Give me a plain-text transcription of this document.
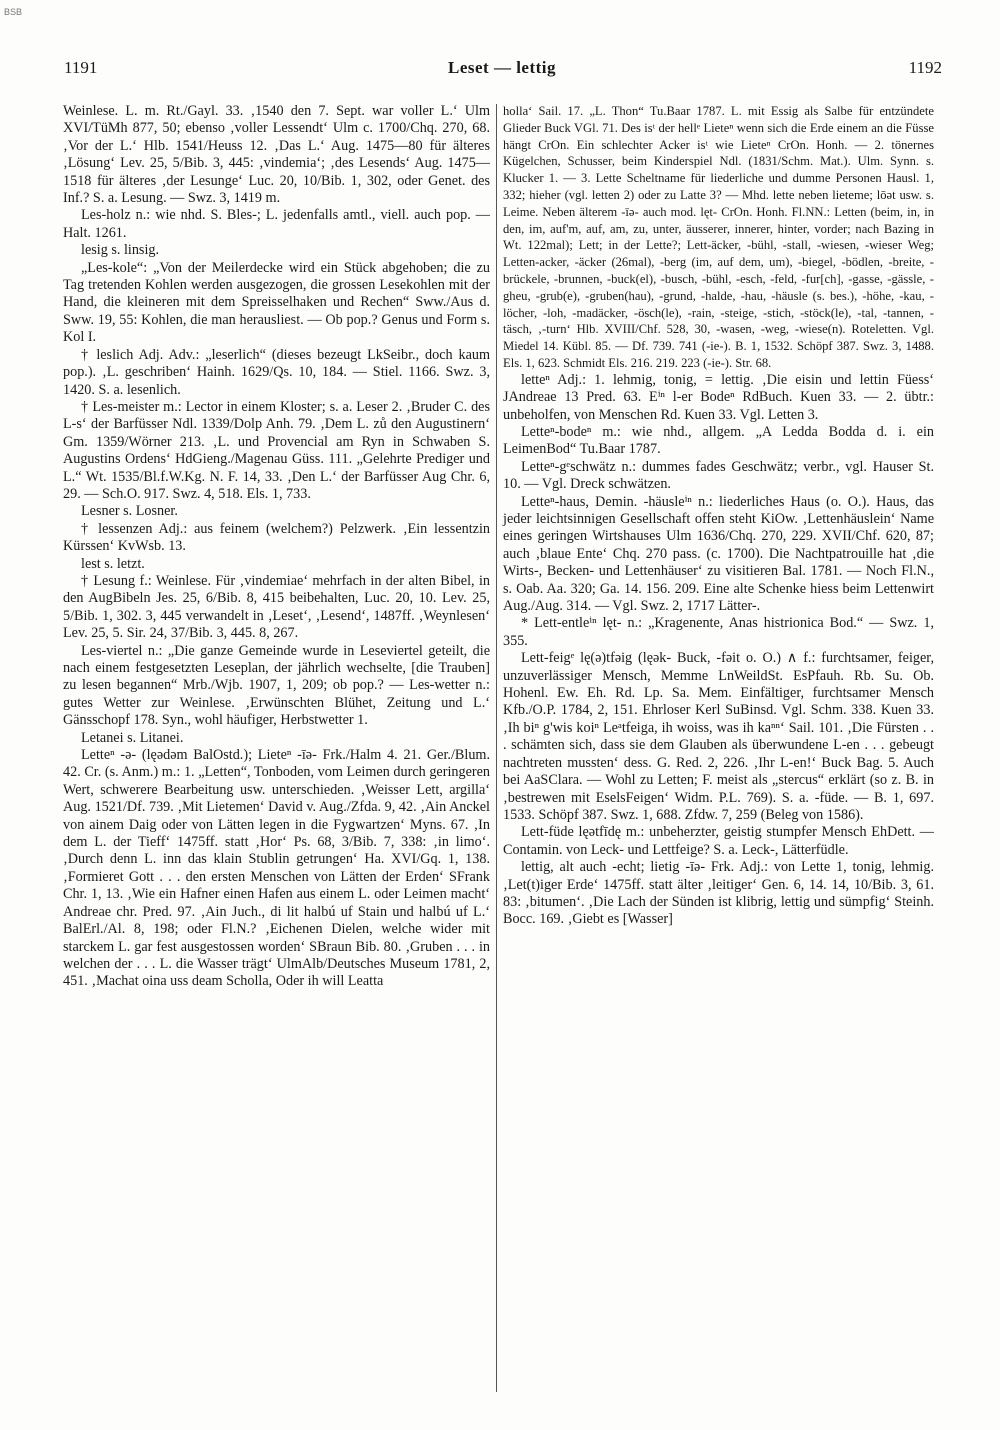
BSB
1191	Leset — lettig	1192

Weinlese. L. m. Rt./Gayl. 33. ‚1540 den 7. Sept. war voller L.‘ Ulm XVI/TüMh 877, 50; ebenso ‚voller Lessendt‘ Ulm c. 1700/Chq. 270, 68. ‚Vor der L.‘ Hlb. 1541/Heuss 12. ‚Das L.‘ Aug. 1475—80 für älteres ‚Lösung‘ Lev. 25, 5/Bib. 3, 445: ‚vindemia‘; ‚des Lesends‘ Aug. 1475—1518 für älteres ‚der Lesunge‘ Luc. 20, 10/Bib. 1, 302, oder Genet. des Inf.? S. a. Lesung. — Swz. 3, 1419 m.

Les-holz n.: wie nhd. S. Bles-; L. jedenfalls amtl., viell. auch pop. — Halt. 1261.

lesig s. linsig.

„Les-kole“: „Von der Meilerdecke wird ein Stück abgehoben; die zu Tag tretenden Kohlen werden ausgezogen, die grossen Lesekohlen mit der Hand, die kleineren mit dem Spreisselhaken und Rechen“ Sww./Aus d. Sww. 19, 55: Kohlen, die man herausliest. — Ob pop.? Genus und Form s. Kol I.

† leslich Adj. Adv.: „leserlich“ (dieses bezeugt LkSeibr., doch kaum pop.). ‚L. geschriben‘ Hainh. 1629/Qs. 10, 184. — Stiel. 1166. Swz. 3, 1420. S. a. lesenlich.

† Les-meister m.: Lector in einem Kloster; s. a. Leser 2. ‚Bruder C. des L-s‘ der Barfüsser Ndl. 1339/Dolp Anh. 79. ‚Dem L. zů den Augustinern‘ Gm. 1359/Wörner 213. ‚L. und Provencial am Ryn in Schwaben S. Augustins Ordens‘ HdGieng./Magenau Güss. 111. „Gelehrte Prediger und L.“ Wt. 1535/Bl.f.W.Kg. N. F. 14, 33. ‚Den L.‘ der Barfüsser Aug Chr. 6, 29. — Sch.O. 917. Swz. 4, 518. Els. 1, 733.

Lesner s. Losner.

† lessenzen Adj.: aus feinem (welchem?) Pelzwerk. ‚Ein lessentzin Kürssen‘ KvWsb. 13.

lest s. letzt.

† Lesung f.: Weinlese. Für ‚vindemiae‘ mehrfach in der alten Bibel, in den AugBibeln Jes. 25, 6/Bib. 8, 415 beibehalten, Luc. 20, 10. Lev. 25, 5/Bib. 1, 302. 3, 445 verwandelt in ‚Leset‘, ‚Lesend‘, 1487ff. ‚Weynlesen‘ Lev. 25, 5. Sir. 24, 37/Bib. 3, 445. 8, 267.

Les-viertel n.: „Die ganze Gemeinde wurde in Leseviertel geteilt, die nach einem festgesetzten Leseplan, der jährlich wechselte, [die Trauben] zu lesen begannen“ Mrb./Wjb. 1907, 1, 209; ob pop.? — Les-wetter n.: gutes Wetter zur Weinlese. ‚Erwünschten Blühet, Zeitung und L.‘ Gänsschopf 178. Syn., wohl häufiger, Herbstwetter 1.

Letanei s. Litanei.

Letteⁿ -ə- (lęədəm BalOstd.); Lieteⁿ -īə- Frk./Halm 4. 21. Ger./Blum. 42. Cr. (s. Anm.) m.: 1. „Letten“, Tonboden, vom Leimen durch geringeren Wert, schwerere Bearbeitung usw. unterschieden. ‚Weisser Lett, argilla‘ Aug. 1521/Df. 739. ‚Mit Lietemen‘ David v. Aug./Zfda. 9, 42. ‚Ain Anckel von ainem Daig oder von Lätten legen in die Fygwartzen‘ Myns. 67. ‚In dem L. der Tieff‘ 1475ff. statt ‚Hor‘ Ps. 68, 3/Bib. 7, 338: ‚in limo‘. ‚Durch denn L. inn das klain Stublin getrungen‘ Ha. XVI/Gq. 1, 138. ‚Formieret Gott . . . den ersten Menschen von Lätten der Erden‘ SFrank Chr. 1, 13. ‚Wie ein Hafner einen Hafen aus einem L. oder Leimen macht‘ Andreae chr. Pred. 97. ‚Ain Juch., di lit halbú uf Stain und halbú uf L.‘ BalErl./Al. 8, 198; oder Fl.N.? ‚Eichenen Dielen, welche wider mit starckem L. gar fest ausgestossen worden‘ SBraun Bib. 80. ‚Gruben . . . in welchen der . . . L. die Wasser trägt‘ UlmAlb/Deutsches Museum 1781, 2, 451. ‚Machat oina uss deam Scholla, Oder ih will Leatta

holla‘ Sail. 17. „L. Thon“ Tu.Baar 1787. L. mit Essig als Salbe für entzündete Glieder Buck VGl. 71. Des isᵗ der hellᵉ Lieteⁿ wenn sich die Erde einem an die Füsse hängt CrOn. Ein schlechter Acker isᵗ wie Lieteⁿ CrOn. Honh. — 2. tönernes Kügelchen, Schusser, beim Kinderspiel Ndl. (1831/Schm. Mat.). Ulm. Synn. s. Klucker 1. — 3. Lette Scheltname für liederliche und dumme Personen Hausl. 1, 332; hieher (vgl. letten 2) oder zu Latte 3? — Mhd. lette neben lieteme; lōət usw. s. Leime. Neben älterem -īə- auch mod. lęt- CrOn. Honh. Fl.NN.: Letten (beim, in, in den, im, auf'm, auf, am, zu, unter, äusserer, innerer, hinter, vorder; nach Bazing in Wt. 122mal); Lett; in der Lette?; Lett-äcker, -bühl, -stall, -wiesen, -wieser Weg; Letten-acker, -äcker (26mal), -berg (im, auf dem, um), -biegel, -bödlen, -breite, -brückele, -brunnen, -buck(el), -busch, -bühl, -esch, -feld, -fur[ch], -gasse, -gässle, -gheu, -grub(e), -gruben(hau), -grund, -halde, -hau, -häusle (s. bes.), -höhe, -kau, -löcher, -loh, -madäcker, -ösch(le), -rain, -steige, -stich, -stöck(le), -tal, -tannen, -täsch, ‚-turn‘ Hlb. XVIII/Chf. 528, 30, -wasen, -weg, -wiese(n). Roteletten. Vgl. Miedel 14. Kübl. 85. — Df. 739. 741 (-ie-). B. 1, 1532. Schöpf 387. Swz. 3, 1488. Els. 1, 623. Schmidt Els. 216. 219. 223 (-ie-). Str. 68.

letteⁿ Adj.: 1. lehmig, tonig, = lettig. ‚Die eisin und lettin Füess‘ JAndreae 13 Pred. 63. Eⁱⁿ l-er Bodeⁿ RdBuch. Kuen 33. — 2. übtr.: unbeholfen, von Menschen Rd. Kuen 33. Vgl. Letten 3.

Letteⁿ-bodeⁿ m.: wie nhd., allgem. „A Ledda Bodda d. i. ein LeimenBod“ Tu.Baar 1787.

Letteⁿ-gᵉschwätz n.: dummes fades Geschwätz; verbr., vgl. Hauser St. 10. — Vgl. Dreck schwätzen.

Letteⁿ-haus, Demin. -häusleⁱⁿ n.: liederliches Haus (o. O.). Haus, das jeder leichtsinnigen Gesellschaft offen steht KiOw. ‚Lettenhäuslein‘ Name eines geringen Wirtshauses Ulm 1636/Chq. 270, 229. XVII/Chf. 620, 87; auch ‚blaue Ente‘ Chq. 270 pass. (c. 1700). Die Nachtpatrouille hat ‚die Wirts-, Becken- und Lettenhäuser‘ zu visitieren Bal. 1781. — Noch Fl.N., s. Oab. Aa. 320; Ga. 14. 156. 209. Eine alte Schenke hiess beim Lettenwirt Aug./Aug. 314. — Vgl. Swz. 2, 1717 Lätter-.

* Lett-entleⁱⁿ lęt- n.: „Kragenente, Anas histrionica Bod.“ — Swz. 1, 355.

Lett-feigᵉ lę(ə)tfəig (lęək- Buck, -fəit o. O.) ∧ f.: furchtsamer, feiger, unzuverlässiger Mensch, Memme LnWeildSt. EsPfauh. Rb. Su. Ob. Hohenl. Ew. Eh. Rd. Lp. Sa. Mem. Einfältiger, furchtsamer Mensch Kfb./O.P. 1784, 2, 151. Ehrloser Kerl SuBinsd. Vgl. Schm. 338. Kuen 33. ‚Ih biⁿ g'wis koiⁿ Leᵃtfeiga, ih woiss, was ih kaⁿⁿ‘ Sail. 101. ‚Die Fürsten . . . schämten sich, dass sie dem Glauben als überwundene L-en . . . gebeugt nachtreten mussten‘ dess. G. Red. 2, 226. ‚Ihr L-en!‘ Buck Bag. 5. Auch bei AaSClara. — Wohl zu Letten; F. meist als „stercus“ erklärt (so z. B. in ‚bestrewen mit EselsFeigen‘ Widm. P.L. 769). S. a. -füde. — B. 1, 697. 1533. Schöpf 387. Swz. 1, 688. Zfdw. 7, 259 (Beleg von 1586).

Lett-füde lęətfīdę m.: unbeherzter, geistig stumpfer Mensch EhDett. — Contamin. von Leck- und Lettfeige? S. a. Leck-, Lätterfüdle.

lettig, alt auch -echt; lietig -īə- Frk. Adj.: von Lette 1, tonig, lehmig. ‚Let(t)iger Erde‘ 1475ff. statt älter ‚leitiger‘ Gen. 6, 14. 14, 10/Bib. 3, 61. 83: ‚bitumen‘. ‚Die Lach der Sünden ist klibrig, lettig und sümpfig‘ Steinh. Bocc. 169. ‚Giebt es [Wasser]
